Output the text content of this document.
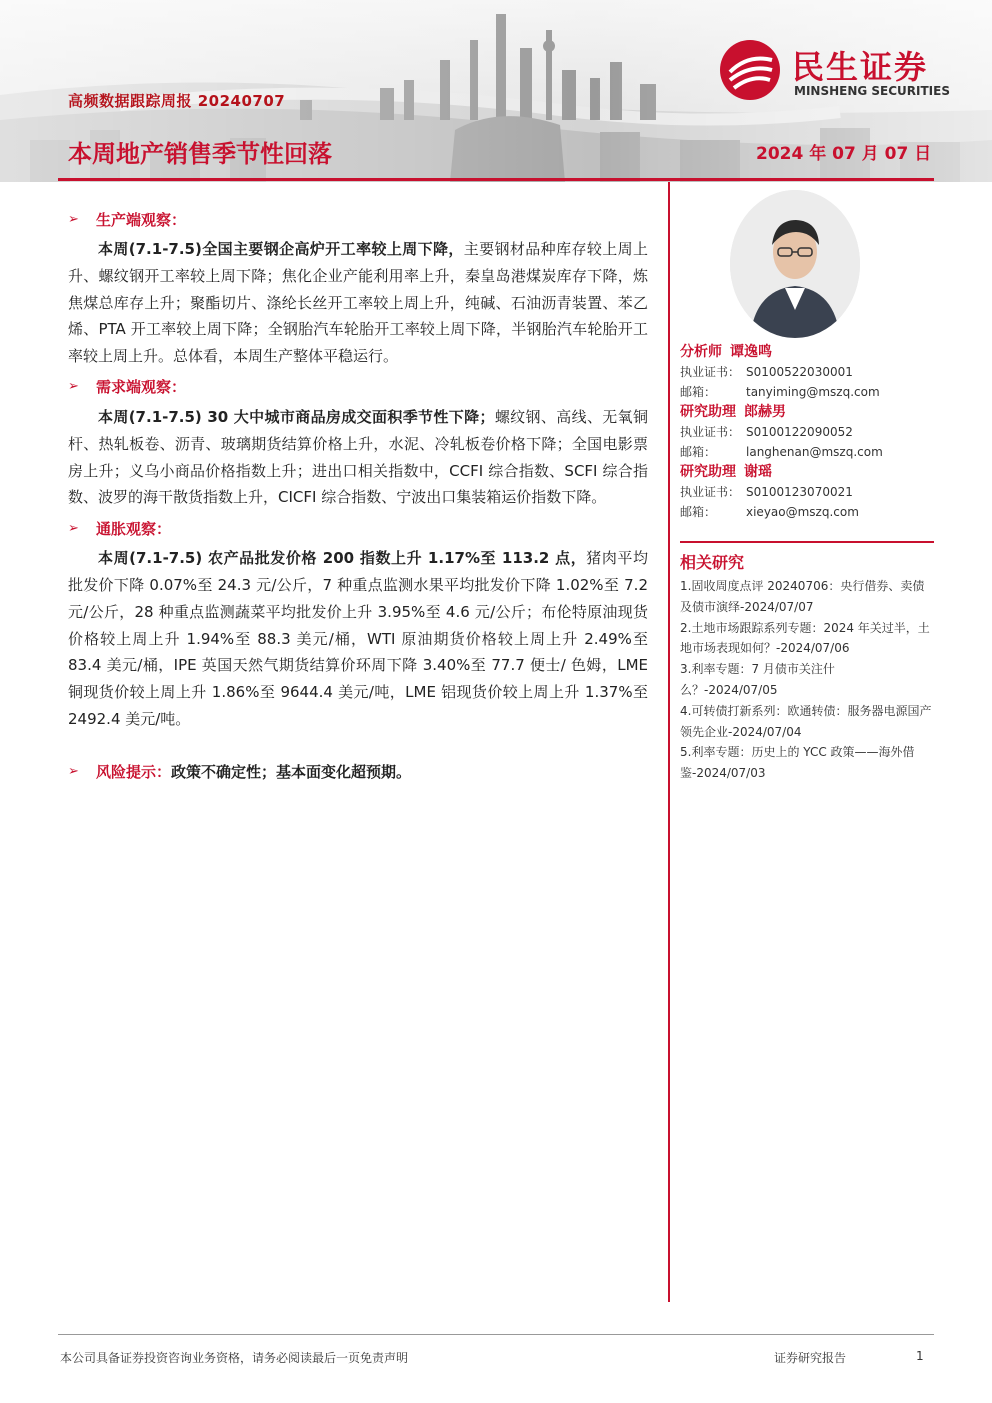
高频数据跟踪周报 20240707
本周地产销售季节性回落	2024 年 07 月 07 日
民生证券
MINSHENG SECURITIES
➢	生产端观察：

本周(7.1-7.5)全国主要钢企高炉开工率较上周下降，主要钢材品种库存较上周上升、螺纹钢开工率较上周下降；焦化企业产能利用率上升，秦皇岛港煤炭库存下降，炼焦煤总库存上升；聚酯切片、涤纶长丝开工率较上周上升，纯碱、石油沥青装置、苯乙烯、PTA 开工率较上周下降；全钢胎汽车轮胎开工率较上周下降，半钢胎汽车轮胎开工率较上周上升。总体看，本周生产整体平稳运行。

➢	需求端观察：

本周(7.1-7.5) 30 大中城市商品房成交面积季节性下降；螺纹钢、高线、无氧铜杆、热轧板卷、沥青、玻璃期货结算价格上升，水泥、冷轧板卷价格下降；全国电影票房上升；义乌小商品价格指数上升；进出口相关指数中，CCFI 综合指数、SCFI 综合指数、波罗的海干散货指数上升，CICFI 综合指数、宁波出口集装箱运价指数下降。

➢	通胀观察：

本周(7.1-7.5) 农产品批发价格 200 指数上升 1.17%至 113.2 点，猪肉平均批发价下降 0.07%至 24.3 元/公斤，7 种重点监测水果平均批发价下降 1.02%至 7.2 元/公斤，28 种重点监测蔬菜平均批发价上升 3.95%至 4.6 元/公斤；布伦特原油现货价格较上周上升 1.94%至 88.3 美元/桶，WTI 原油期货价格较上周上升 2.49%至 83.4 美元/桶，IPE 英国天然气期货结算价环周下降 3.40%至 77.7 便士/ 色姆，LME 铜现货价较上周上升 1.86%至 9644.4 美元/吨，LME 铝现货价较上周上升 1.37%至 2492.4 美元/吨。

➢	风险提示： 政策不确定性；基本面变化超预期。
分析师 谭逸鸣
执业证书： S0100522030001
邮箱： tanyiming@mszq.com
研究助理 郎赫男
执业证书： S0100122090052
邮箱： langhenan@mszq.com
研究助理 谢瑶
执业证书： S0100123070021
邮箱： xieyao@mszq.com
相关研究
1.固收周度点评 20240706：央行借券、卖债及债市演绎-2024/07/07
2.土地市场跟踪系列专题：2024 年关过半，土地市场表现如何？-2024/07/06
3.利率专题：7 月债市关注什么？-2024/07/05
4.可转债打新系列：欧通转债：服务器电源国产领先企业-2024/07/04
5.利率专题：历史上的 YCC 政策——海外借鉴-2024/07/03
本公司具备证券投资咨询业务资格，请务必阅读最后一页免责声明	证券研究报告	1
